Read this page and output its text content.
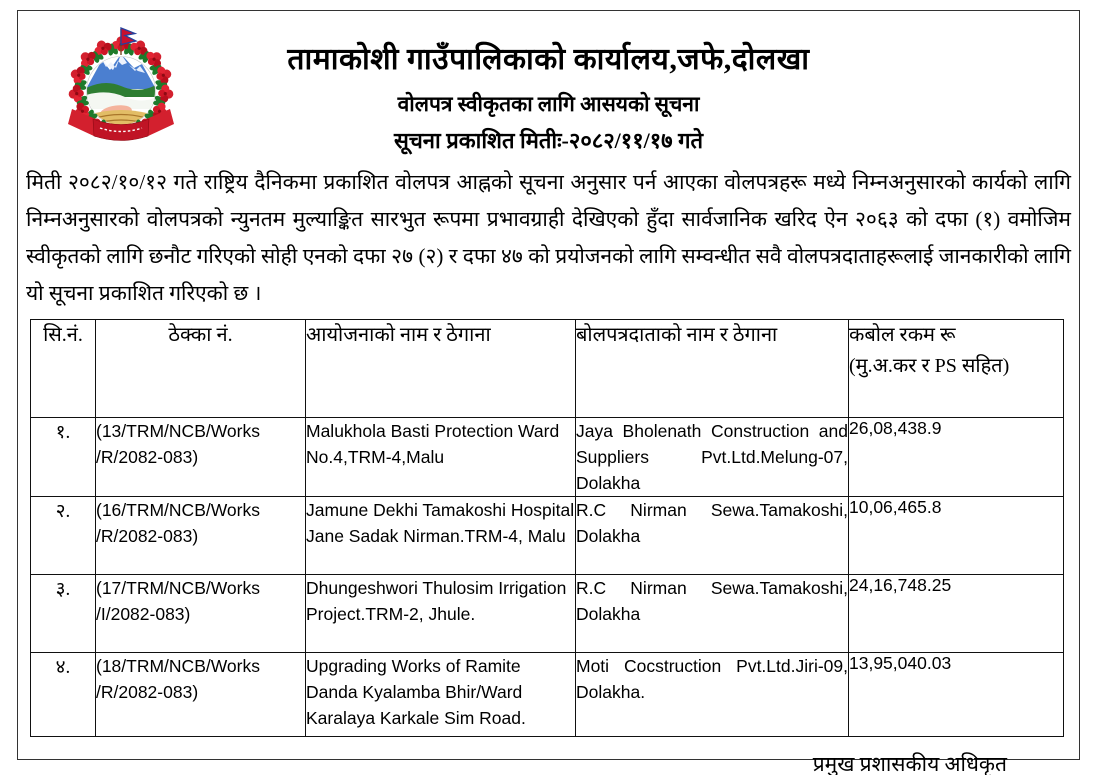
तामाकोशी गाउँपालिकाको कार्यालय,जफे,दोलखा
वोलपत्र स्वीकृतका लागि आसयको सूचना
सूचना प्रकाशित मितीः-२०८२/११/१७ गते
मिती २०८२/१०/१२ गते राष्ट्रिय दैनिकमा प्रकाशित वोलपत्र आह्नको सूचना अनुसार पर्न आएका वोलपत्रहरू मध्ये निम्नअनुसारको कार्यको लागि निम्नअनुसारको वोलपत्रको न्युनतम मुल्याङ्कित सारभुत रूपमा प्रभावग्राही देखिएको हुँदा सार्वजानिक खरिद ऐन २०६३ को दफा (१) वमोजिम स्वीकृतको लागि छनौट गरिएको सोही एनको दफा २७ (२) र दफा ४७ को प्रयोजनको लागि सम्वन्धीत सवै वोलपत्रदाताहरूलाई जानकारीको लागि यो सूचना प्रकाशित गरिएको छ ।
सि.नं.	ठेक्का नं.	आयोजनाको नाम र ठेगाना	बोलपत्रदाताको नाम र ठेगाना	कबोल रकम रू
(मु.अ.कर र PS सहित)

१.	(13/TRM/NCB/Works /R/2082-083)	Malukhola Basti Protection Ward No.4,TRM-4,Malu	Jaya Bholenath Construction and Suppliers Pvt.Ltd.Melung-07, Dolakha	26,08,438.9
२.	(16/TRM/NCB/Works /R/2082-083)	Jamune Dekhi Tamakoshi Hospital Jane Sadak Nirman.TRM-4, Malu	R.C Nirman Sewa.Tamakoshi, Dolakha	10,06,465.8
३.	(17/TRM/NCB/Works /I/2082-083)	Dhungeshwori Thulosim Irrigation Project.TRM-2, Jhule.	R.C Nirman Sewa.Tamakoshi, Dolakha	24,16,748.25
४.	(18/TRM/NCB/Works /R/2082-083)	Upgrading Works of Ramite Danda Kyalamba Bhir/Ward Karalaya Karkale Sim Road.	Moti Cocstruction Pvt.Ltd.Jiri-09, Dolakha.	13,95,040.03
प्रमुख प्रशासकीय अधिकृत
